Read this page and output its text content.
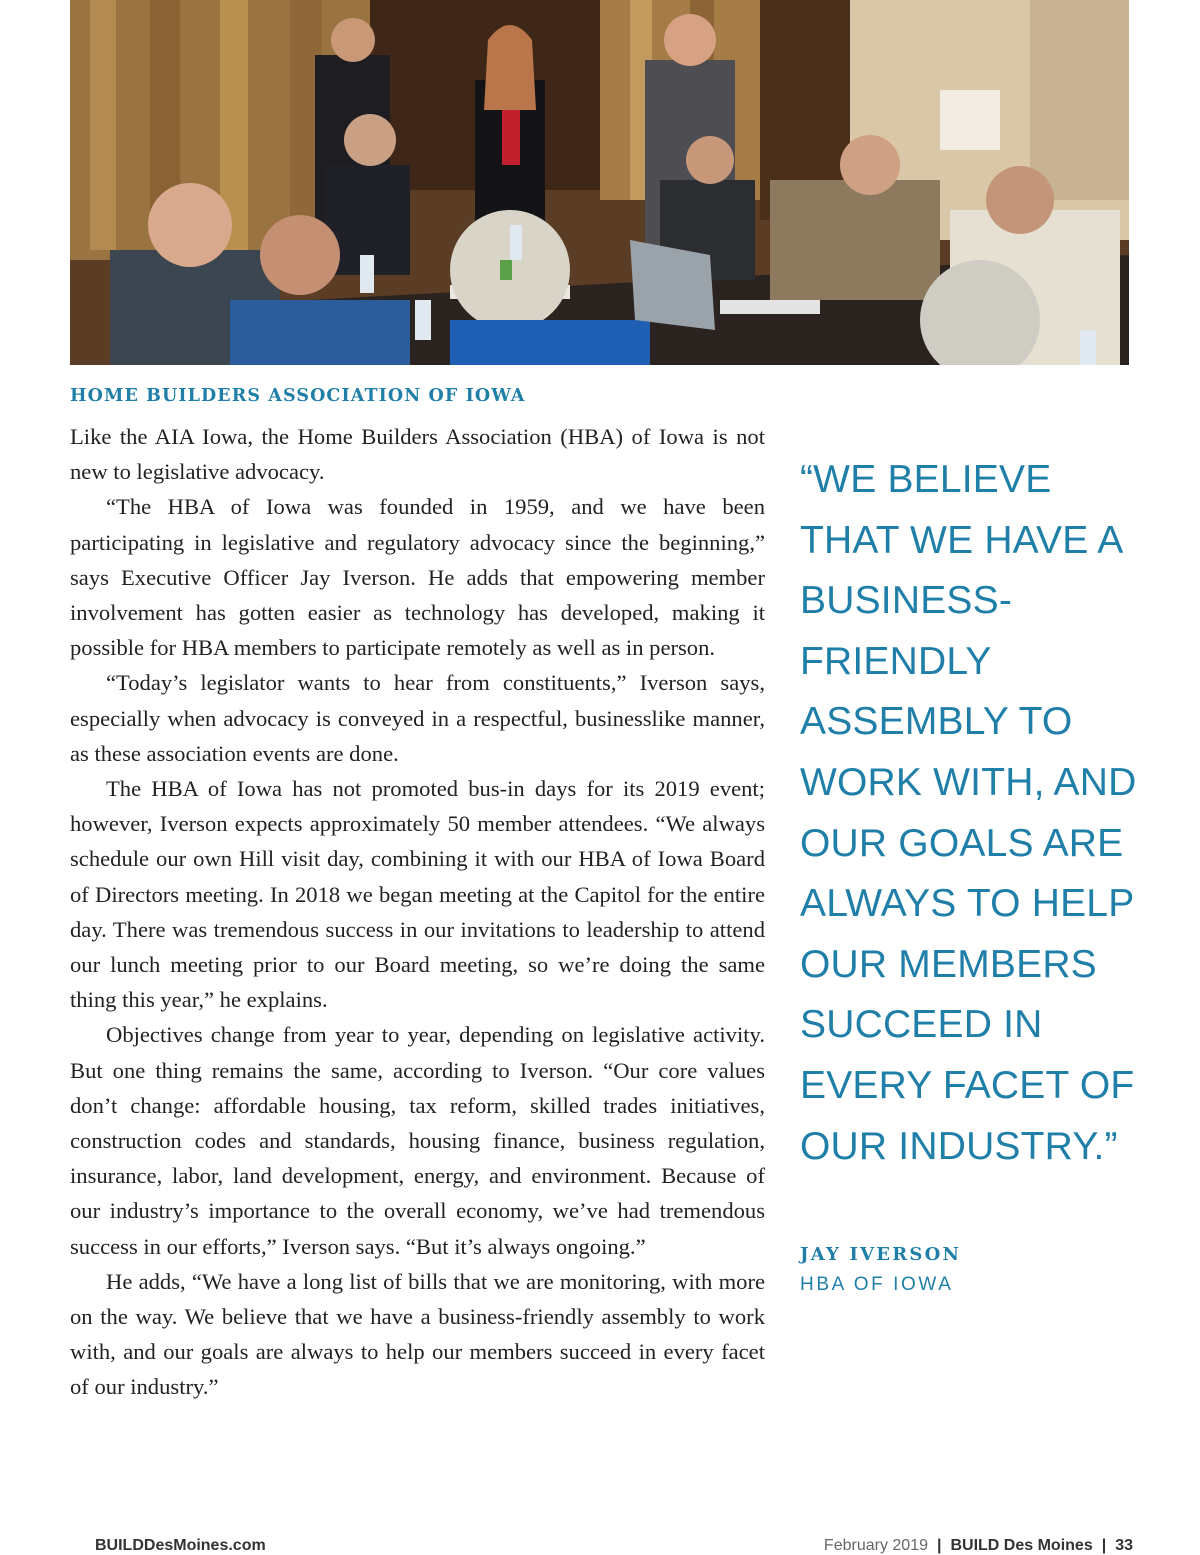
HOME BUILDERS ASSOCIATION OF IOWA

Like the AIA Iowa, the Home Builders Association (HBA) of Iowa is not new to legislative advocacy.

“The HBA of Iowa was founded in 1959, and we have been participating in legislative and regulatory advocacy since the beginning,” says Executive Officer Jay Iverson. He adds that empowering member involvement has gotten easier as technology has developed, making it possible for HBA members to participate remotely as well as in person.

“Today’s legislator wants to hear from constituents,” Iverson says, especially when advocacy is conveyed in a respectful, businesslike manner, as these association events are done.

The HBA of Iowa has not promoted bus-in days for its 2019 event; however, Iverson expects approximately 50 member attendees. “We always schedule our own Hill visit day, combining it with our HBA of Iowa Board of Directors meeting. In 2018 we began meeting at the Capitol for the entire day. There was tremendous success in our invitations to leadership to attend our lunch meeting prior to our Board meeting, so we’re doing the same thing this year,” he explains.

Objectives change from year to year, depending on legislative activity. But one thing remains the same, according to Iverson. “Our core values don’t change: affordable housing, tax reform, skilled trades initiatives, construction codes and standards, housing finance, business regulation, insurance, labor, land development, energy, and environment. Because of our industry’s importance to the overall economy, we’ve had tremendous success in our efforts,” Iverson says. “But it’s always ongoing.”

He adds, “We have a long list of bills that we are monitoring, with more on the way. We believe that we have a business-friendly assembly to work with, and our goals are always to help our members succeed in every facet of our industry.”

“WE BELIEVE THAT WE HAVE A BUSINESS-FRIENDLY ASSEMBLY TO WORK WITH, AND OUR GOALS ARE ALWAYS TO HELP OUR MEMBERS SUCCEED IN EVERY FACET OF OUR INDUSTRY.”

JAY IVERSON

HBA OF IOWA

BUILDDesMoines.com	February 2019 | BUILD Des Moines | 33
